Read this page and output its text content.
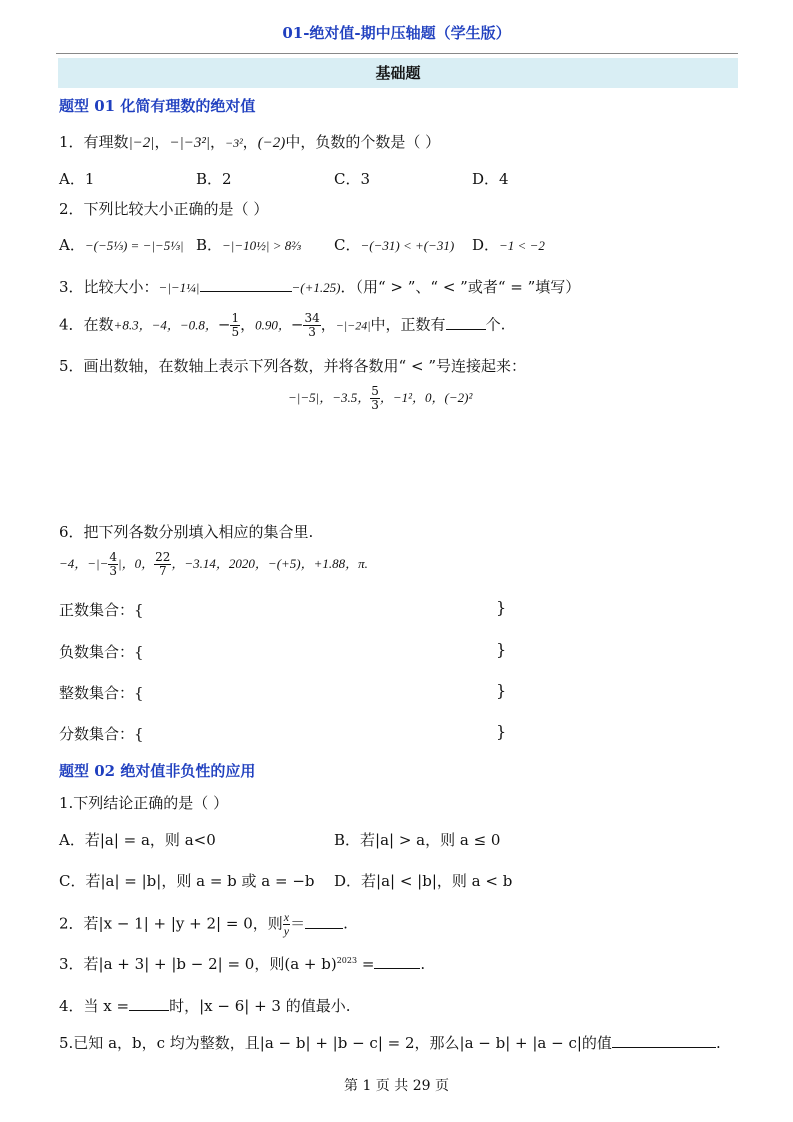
01-绝对值-期中压轴题（学生版）
基础题
题型 01 化简有理数的绝对值
1．有理数|−2|，−|−3²|，−3²，(−2)中，负数的个数是（ ）
A．1	B．2	C．3	D．4
2．下列比较大小正确的是（ ）
A．−(−5⅓) = −|−5⅓| B．−|−10½| > 8⅔ C．−(−31) < +(−31) D．−1 < −2
3．比较大小：−|−1¼|	−(+1.25)．（用“ > ”、“ < ”或者“ = ”填写）
4．在数+8.3，−4，−0.8，− $\frac{1}{5}$ ，0.90，− $\frac{34}{3}$ ，−|−24|中，正数有	个.
5．画出数轴，在数轴上表示下列各数，并将各数用“ < ”号连接起来：
−|−5|，−3.5， $\frac{5}{3}$ ，−1²，0，(−2)²
6．把下列各数分别填入相应的集合里.
−4，−|− $\frac{4}{3}$ |，0， $\frac{22}{7}$ ，−3.14，2020，−(+5)，+1.88，π.
正数集合：{	}
负数集合：{	}
整数集合：{	}
分数集合：{	}
题型 02 绝对值非负性的应用
1.下列结论正确的是（ ）
A．若|a| = a，则 a<0	B．若|a| > a，则 a ≤ 0
C．若|a| = |b|，则 a = b 或 a = −b D．若|a| < |b|，则 a < b
2．若|x − 1| + |y + 2| = 0，则 $\frac{x}{y}$ ＝	.
3．若|a + 3| + |b − 2| = 0，则$(a + b)^{2023}$ =	.
4．当 x =	时，|x − 6| + 3 的值最小.
5.已知 a，b，c 均为整数，且|a − b| + |b − c| = 2，那么|a − b| + |a − c|的值	.
第 1 页 共 29 页
